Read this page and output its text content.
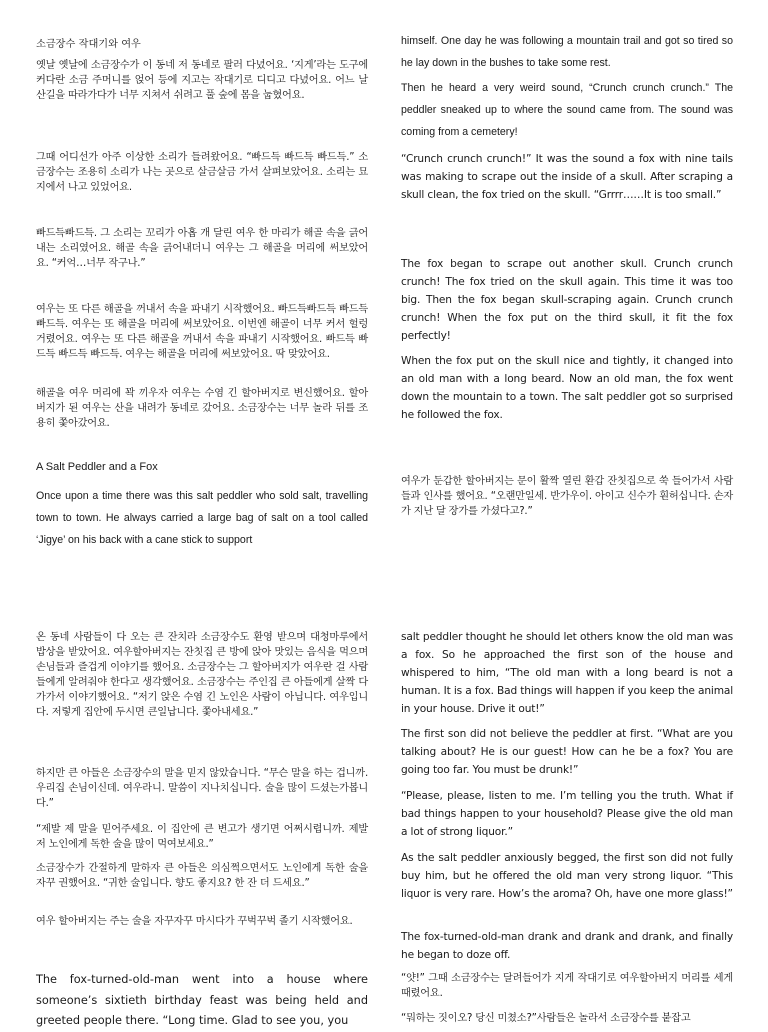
소금장수 작대기와 여우

옛날 옛날에 소금장수가 이 동네 저 동네로 팔러 다녔어요. ‘지게’라는 도구에 커다란 소금 주머니를 얹어 등에 지고는 작대기로 디디고 다녔어요. 어느 날 산길을 따라가다가 너무 지쳐서 쉬려고 풀 숲에 몸을 눕혔어요.

그때 어디선가 아주 이상한 소리가 들려왔어요. “빠드득 빠드득 빠드득.” 소금장수는 조용히 소리가 나는 곳으로 살금살금 가서 살펴보았어요. 소리는 묘지에서 나고 있었어요.

빠드득빠드득. 그 소리는 꼬리가 아홉 개 달린 여우 한 마리가 해골 속을 긁어내는 소리였어요. 해골 속을 긁어내더니 여우는 그 해골을 머리에 써보았어요. “커억…너무 작구나.”

여우는 또 다른 해골을 꺼내서 속을 파내기 시작했어요. 빠드득빠드득 빠드득 빠드득. 여우는 또 해골을 머리에 써보았어요. 이번엔 해골이 너무 커서 헐렁거렸어요. 여우는 또 다른 해골을 꺼내서 속을 파내기 시작했어요. 빠드득 빠드득 빠드득 빠드득. 여우는 해골을 머리에 써보았어요. 딱 맞았어요.

해골을 여우 머리에 꽉 끼우자 여우는 수염 긴 할아버지로 변신했어요. 할아버지가 된 여우는 산을 내려가 동네로 갔어요. 소금장수는 너무 놀라 뒤를 조용히 쫓아갔어요.

A Salt Peddler and a Fox

Once upon a time there was this salt peddler who sold salt, travelling town to town. He always carried a large bag of salt on a tool called ‘Jigye’ on his back with a cane stick to support

온 동네 사람들이 다 오는 큰 잔치라 소금장수도 환영 받으며 대청마루에서 밥상을 받았어요. 여우할아버지는 잔칫집 큰 방에 앉아 맛있는 음식을 먹으며 손님들과 즐겁게 이야기를 했어요. 소금장수는 그 할아버지가 여우란 걸 사람들에게 알려줘야 한다고 생각했어요. 소금장수는 주인집 큰 아들에게 살짝 다가가서 이야기했어요. “저기 앉은 수염 긴 노인은 사람이 아닙니다. 여우입니다. 저렇게 집안에 두시면 큰일납니다. 쫓아내세요.”

하지만 큰 아들은 소금장수의 말을 믿지 않았습니다. “무슨 말을 하는 겁니까. 우리집 손님이신데. 여우라니. 말씀이 지나치십니다. 술을 많이 드셨는가봅니다.”

“제발 제 말을 믿어주세요. 이 집안에 큰 변고가 생기면 어쩌시렵니까. 제발 저 노인에게 독한 술을 많이 먹여보세요.”

소금장수가 간절하게 말하자 큰 아들은 의심쩍으면서도 노인에게 독한 술을 자꾸 권했어요. “귀한 술입니다. 향도 좋지요? 한 잔 더 드세요.”

여우 할아버지는 주는 술을 자꾸자꾸 마시다가 꾸벅꾸벅 졸기 시작했어요.

The fox-turned-old-man went into a house where someone’s sixtieth birthday feast was being held and greeted people there. “Long time. Glad to see you, you

himself. One day he was following a mountain trail and got so tired so he lay down in the bushes to take some rest.

Then he heard a very weird sound, “Crunch crunch crunch.” The peddler sneaked up to where the sound came from. The sound was coming from a cemetery!

“Crunch crunch crunch!” It was the sound a fox with nine tails was making to scrape out the inside of a skull. After scraping a skull clean, the fox tried on the skull. “Grrrr……It is too small.”

The fox began to scrape out another skull. Crunch crunch crunch! The fox tried on the skull again. This time it was too big. Then the fox began skull-scraping again. Crunch crunch crunch! When the fox put on the third skull, it fit the fox perfectly!

When the fox put on the skull nice and tightly, it changed into an old man with a long beard. Now an old man, the fox went down the mountain to a town. The salt peddler got so surprised he followed the fox.

여우가 둔갑한 할아버지는 문이 활짝 열린 환갑 잔칫집으로 쑥 들어가서 사람들과 인사를 했어요. “오랜만일세. 반가우이. 아이고 신수가 훤허십니다. 손자가 지난 달 장가를 가셨다고?.”

salt peddler thought he should let others know the old man was a fox. So he approached the first son of the house and whispered to him, “The old man with a long beard is not a human. It is a fox. Bad things will happen if you keep the animal in your house. Drive it out!”

The first son did not believe the peddler at first. “What are you talking about? He is our guest! How can he be a fox? You are going too far. You must be drunk!”

“Please, please, listen to me. I’m telling you the truth. What if bad things happen to your household? Please give the old man a lot of strong liquor.”

As the salt peddler anxiously begged, the first son did not fully buy him, but he offered the old man very strong liquor. “This liquor is very rare. How’s the aroma? Oh, have one more glass!”

The fox-turned-old-man drank and drank and drank, and finally he began to doze off.

“얏!” 그때 소금장수는 달려들어가 지게 작대기로 여우할아버지 머리를 세게 때렸어요.

“뭐하는 짓이오? 당신 미쳤소?”사람들은 놀라서 소금장수를 붙잡고
